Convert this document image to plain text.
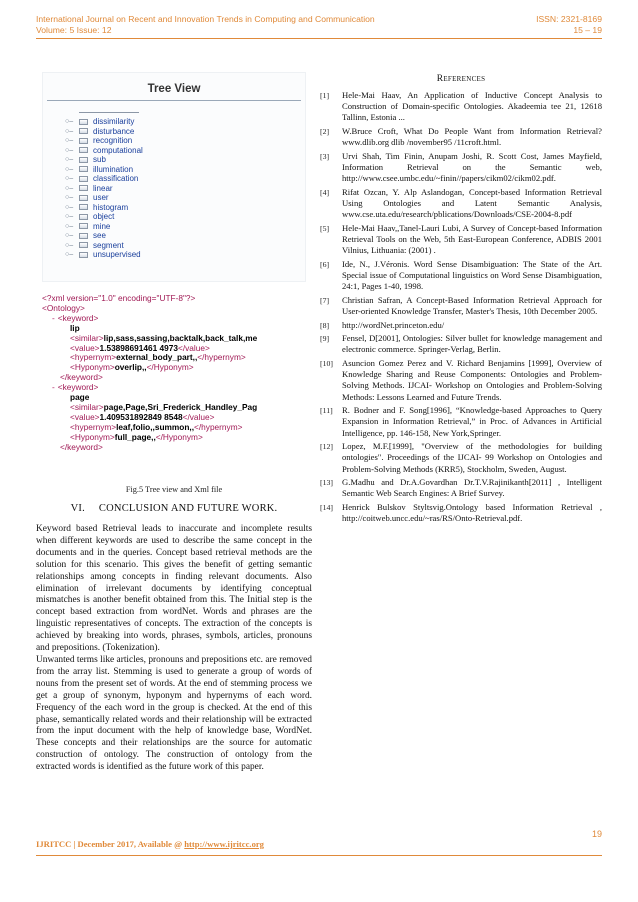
International Journal on Recent and Innovation Trends in Computing and Communication	ISSN: 2321-8169
Volume: 5 Issue: 12	15 – 19
Tree View
○–	dissimilarity
○–	disturbance
○–	recognition
○–	computational
○–	sub
○–	illumination
○–	classification
○–	linear
○–	user
○–	histogram
○–	object
○–	mine
○–	see
○–	segment
○–	unsupervised
<?xml version="1.0" encoding="UTF-8"?>
<Ontology>
- <keyword>
lip
<similar>lip,sass,sassing,backtalk,back_talk,me
<value>1.53898691461 4973</value>
<hypernym>external_body_part,,</hypernym>
<Hyponym>overlip,,</Hyponym>
</keyword>
- <keyword>
page
<similar>page,Page,Sri_Frederick_Handley_Pag
<value>1.409531892849 8548</value>
<hypernym>leaf,folio,,summon,,</hypernym>
<Hyponym>full_page,,</Hyponym>
</keyword>
Fig.5 Tree view and Xml file
VI. CONCLUSION AND FUTURE WORK.

Keyword based Retrieval leads to inaccurate and incomplete results when different keywords are used to describe the same concept in the documents and in the queries. Concept based retrieval methods are the solution for this scenario. This gives the benefit of getting semantic relationships among concepts in finding relevant documents. Also elimination of irrelevant documents by identifying conceptual mismatches is another benefit obtained from this. The Initial step is the concept based extraction from wordNet. Words and phrases are the linguistic representatives of concepts. The extraction of the concepts is achieved by breaking into words, phrases, symbols, articles, pronouns and prepositions. (Tokenization).

Unwanted terms like articles, pronouns and prepositions etc. are removed from the array list. Stemming is used to generate a group of words of nouns from the present set of words. At the end of stemming process we get a group of synonym, hyponym and hypernyms of each word. Frequency of the each word in the group is checked. At the end of this phase, semantically related words and their relationship will be extracted from the input document with the help of knowledge base, WordNet. These concepts and their relationships are the source for automatic construction of ontology. The construction of ontology from the extracted words is identified as the future work of this paper.

References
[1]	Hele-Mai Haav, An Application of Inductive Concept Analysis to Construction of Domain-specific Ontologies. Akadeemia tee 21, 12618 Tallinn, Estonia ...
[2]	W.Bruce Croft, What Do People Want from Information Retrieval? www.dlib.org dlib /november95 /11croft.html.
[3]	Urvi Shah, Tim Finin, Anupam Joshi, R. Scott Cost, James Mayfield, Information Retrieval on the Semantic web, http://www.csee.umbc.edu/~finin//papers/cikm02/cikm02.pdf.
[4]	Rifat Ozcan, Y. Alp Aslandogan, Concept-based Information Retrieval Using Ontologies and Latent Semantic Analysis, www.cse.uta.edu/research/pblications/Downloads/CSE-2004-8.pdf
[5]	Hele-Mai Haav,,Tanel-Lauri Lubi, A Survey of Concept-based Information Retrieval Tools on the Web, 5th East-European Conference, ADBIS 2001 Vilnius, Lithuania: (2001) .
[6]	Ide, N., J.Véronis. Word Sense Disambiguation: The State of the Art. Special issue of Computational linguistics on Word Sense Disambiguation, 24:1, Pages 1-40, 1998.
[7]	Christian Safran, A Concept-Based Information Retrieval Approach for User-oriented Knowledge Transfer, Master's Thesis, 10th December 2005.
[8]	http://wordNet.princeton.edu/
[9]	Fensel, D[2001], Ontologies: Silver bullet for knowledge management and electronic commerce. Springer-Verlag, Berlin.
[10]	Asuncion Gomez Perez and V. Richard Benjamins [1999], Overview of Knowledge Sharing and Reuse Components: Ontologies and Problem-Solving Methods. IJCAI- Workshop on Ontologies and Problem-Solving Methods: Lessons Learned and Future Trends.
[11]	R. Bodner and F. Song[1996], “Knowledge-based Approaches to Query Expansion in Information Retrieval,” in Proc. of Advances in Artificial Intelligence, pp. 146-158, New York,Springer.
[12]	Lopez, M.F.[1999], "Overview of the methodologies for building ontologies". Proceedings of the IJCAI- 99 Workshop on Ontologies and Problem-Solving Methods (KRR5), Stockholm, Sweden, August.
[13]	G.Madhu and Dr.A.Govardhan Dr.T.V.Rajinikanth[2011] , Intelligent Semantic Web Search Engines: A Brief Survey.
[14]	Henrick Bulskov Styltsvig.Ontology based Information Retrieval , http://coitweb.uncc.edu/~ras/RS/Onto-Retrieval.pdf.
19
IJRITCC | December 2017, Available @ http://www.ijritcc.org
